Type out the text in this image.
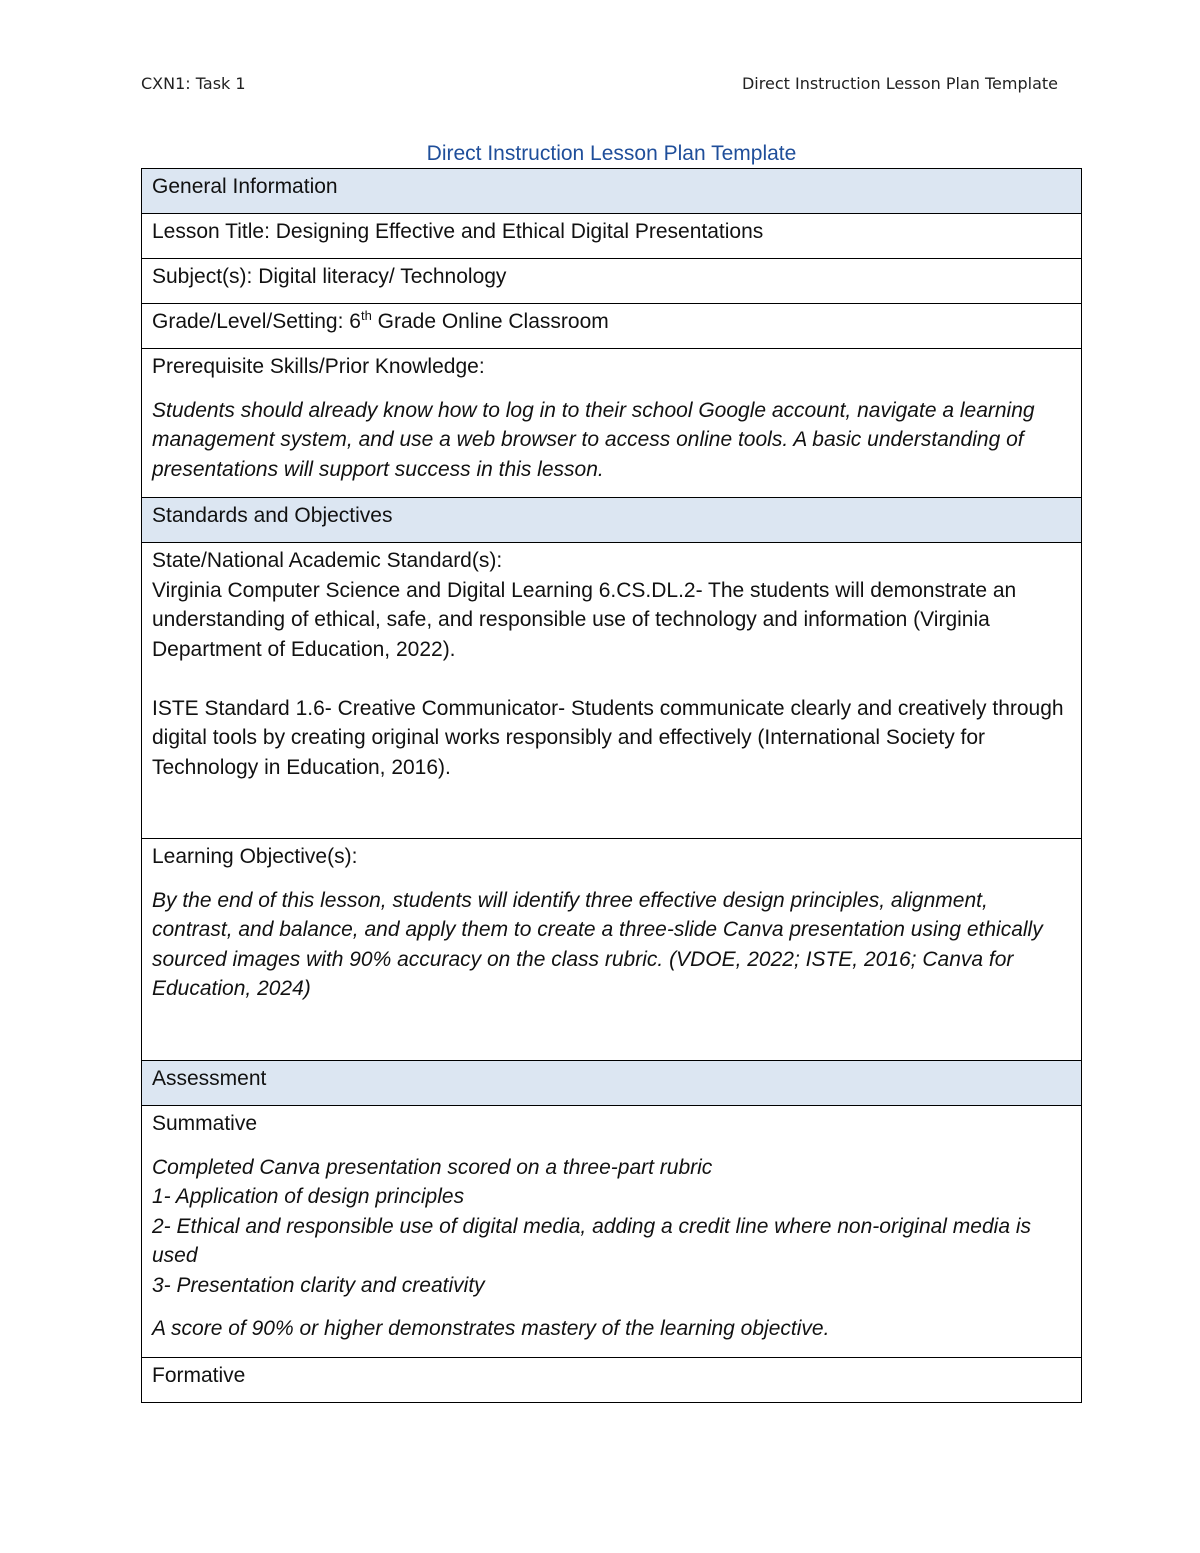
CXN1: Task 1	Direct Instruction Lesson Plan Template
Direct Instruction Lesson Plan Template
General Information
Lesson Title: Designing Effective and Ethical Digital Presentations
Subject(s): Digital literacy/ Technology
Grade/Level/Setting: 6th Grade Online Classroom

Prerequisite Skills/Prior Knowledge:
Students should already know how to log in to their school Google account, navigate a learning management system, and use a web browser to access online tools. A basic understanding of presentations will support success in this lesson.

Standards and Objectives

State/National Academic Standard(s):
Virginia Computer Science and Digital Learning 6.CS.DL.2- The students will demonstrate an understanding of ethical, safe, and responsible use of technology and information (Virginia Department of Education, 2022).
ISTE Standard 1.6- Creative Communicator- Students communicate clearly and creatively through digital tools by creating original works responsibly and effectively (International Society for Technology in Education, 2016).

Learning Objective(s):
By the end of this lesson, students will identify three effective design principles, alignment, contrast, and balance, and apply them to create a three-slide Canva presentation using ethically sourced images with 90% accuracy on the class rubric. (VDOE, 2022; ISTE, 2016; Canva for Education, 2024)

Assessment

Summative
Completed Canva presentation scored on a three-part rubric
1- Application of design principles
2- Ethical and responsible use of digital media, adding a credit line where non-original media is used
3- Presentation clarity and creativity
A score of 90% or higher demonstrates mastery of the learning objective.

Formative
